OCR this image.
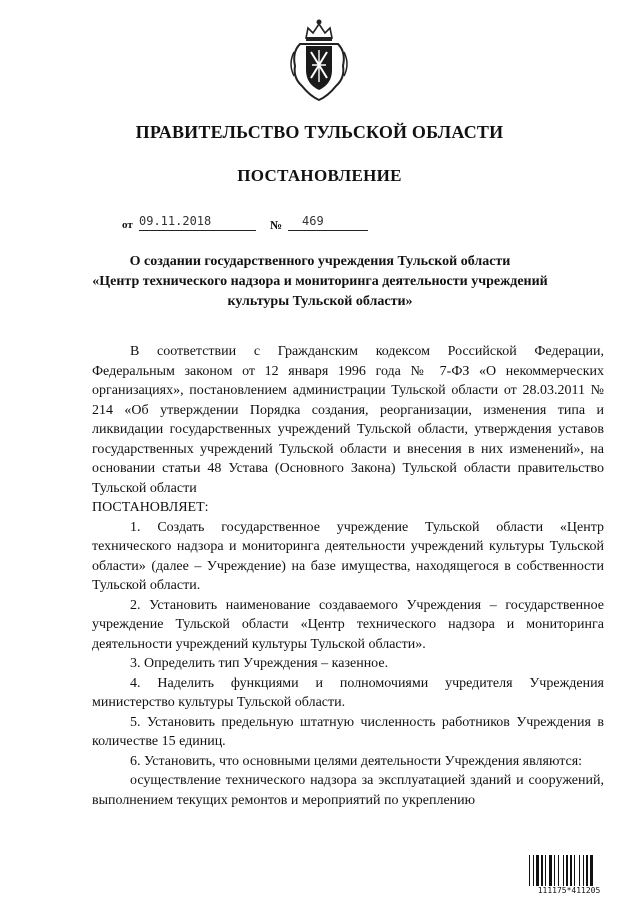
ПРАВИТЕЛЬСТВО ТУЛЬСКОЙ ОБЛАСТИ
ПОСТАНОВЛЕНИЕ
от 09.11.2018	№ 469
О создании государственного учреждения Тульской области
«Центр технического надзора и мониторинга деятельности учреждений
культуры Тульской области»

В соответствии с Гражданским кодексом Российской Федерации, Федеральным законом от 12 января 1996 года № 7-ФЗ «О некоммерческих организациях», постановлением администрации Тульской области от 28.03.2011 № 214 «Об утверждении Порядка создания, реорганизации, изменения типа и ликвидации государственных учреждений Тульской области, утверждения уставов государственных учреждений Тульской области и внесения в них изменений», на основании статьи 48 Устава (Основного Закона) Тульской области правительство Тульской области

ПОСТАНОВЛЯЕТ:

1. Создать государственное учреждение Тульской области «Центр технического надзора и мониторинга деятельности учреждений культуры Тульской области» (далее – Учреждение) на базе имущества, находящегося в собственности Тульской области.

2. Установить наименование создаваемого Учреждения – государственное учреждение Тульской области «Центр технического надзора и мониторинга деятельности учреждений культуры Тульской области».

3. Определить тип Учреждения – казенное.

4. Наделить функциями и полномочиями учредителя Учреждения министерство культуры Тульской области.

5. Установить предельную штатную численность работников Учреждения в количестве 15 единиц.

6. Установить, что основными целями деятельности Учреждения являются:

осуществление технического надзора за эксплуатацией зданий и сооружений, выполнением текущих ремонтов и мероприятий по укреплению

111175*411205
